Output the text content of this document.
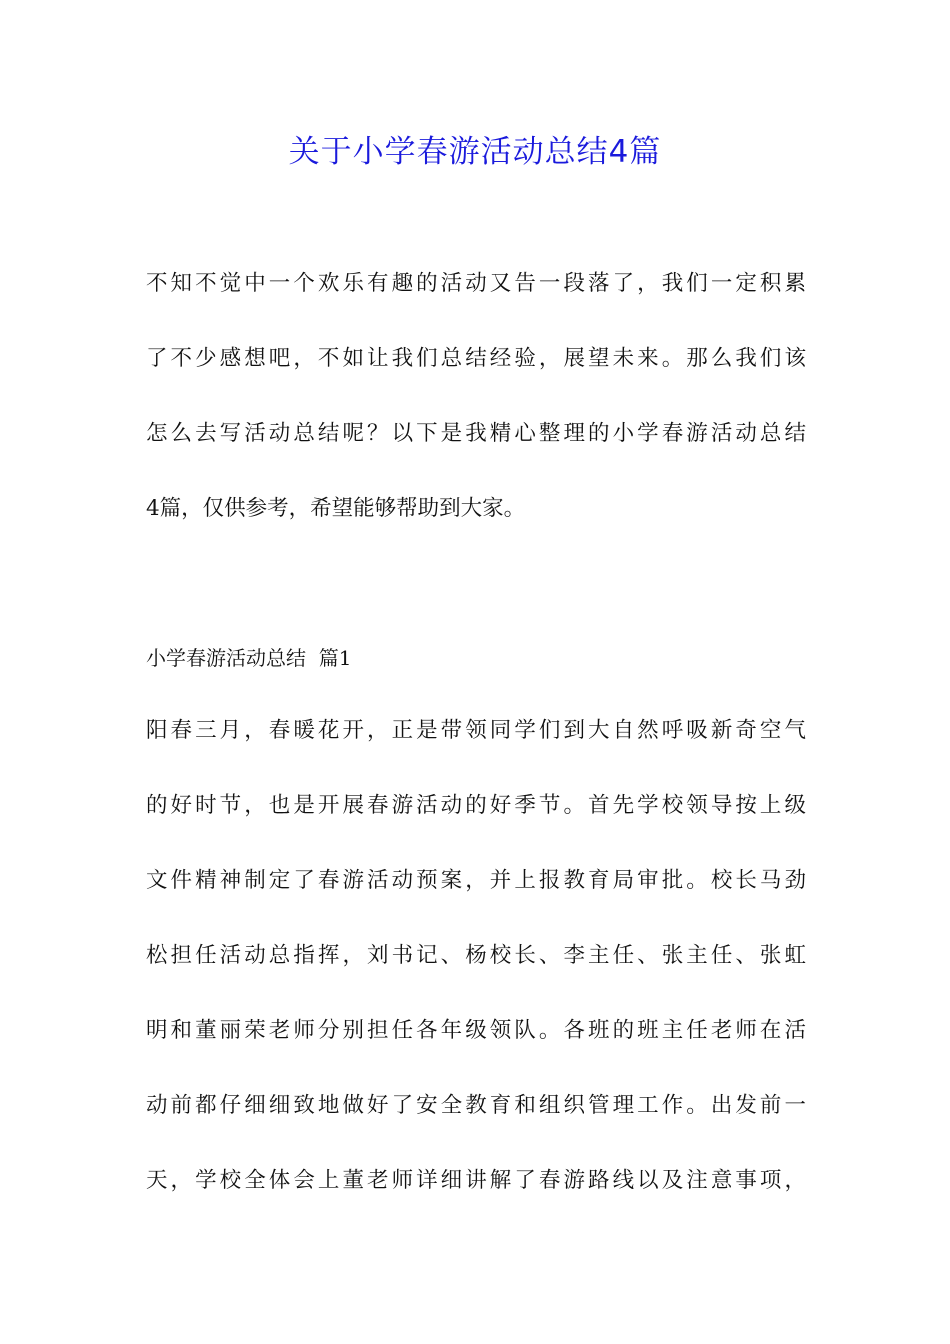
关于小学春游活动总结4篇
不知不觉中一个欢乐有趣的活动又告一段落了，我们一定积累
了不少感想吧，不如让我们总结经验，展望未来。那么我们该
怎么去写活动总结呢？以下是我精心整理的小学春游活动总结
4篇，仅供参考，希望能够帮助到大家。
小学春游活动总结  篇1
阳春三月，春暖花开，正是带领同学们到大自然呼吸新奇空气
的好时节，也是开展春游活动的好季节。首先学校领导按上级
文件精神制定了春游活动预案，并上报教育局审批。校长马劲
松担任活动总指挥，刘书记、杨校长、李主任、张主任、张虹
明和董丽荣老师分别担任各年级领队。各班的班主任老师在活
动前都仔细细致地做好了安全教育和组织管理工作。出发前一
天，学校全体会上董老师详细讲解了春游路线以及注意事项，
